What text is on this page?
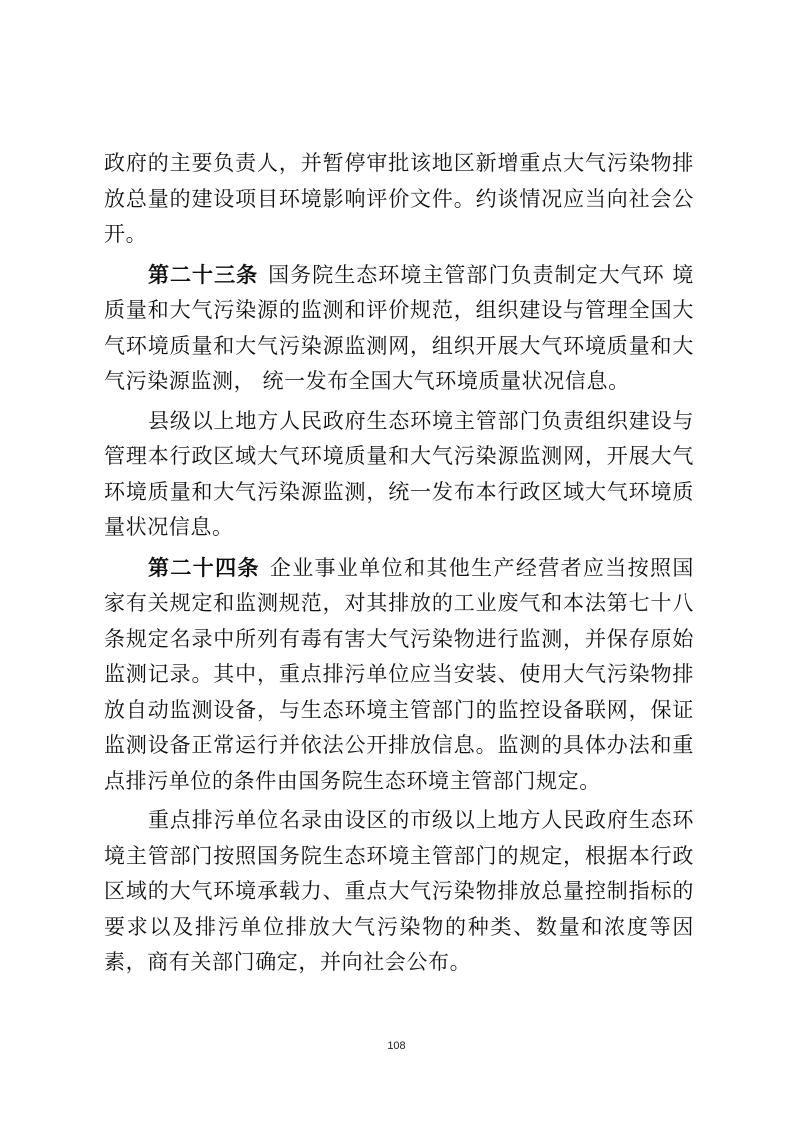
政府的主要负责人，并暂停审批该地区新增重点大气污染物排放总量的建设项目环境影响评价文件。约谈情况应当向社会公开。

第二十三条 国务院生态环境主管部门负责制定大气环 境质量和大气污染源的监测和评价规范，组织建设与管理全国大气环境质量和大气污染源监测网，组织开展大气环境质量和大气污染源监测， 统一发布全国大气环境质量状况信息。

县级以上地方人民政府生态环境主管部门负责组织建设与管理本行政区域大气环境质量和大气污染源监测网，开展大气环境质量和大气污染源监测，统一发布本行政区域大气环境质量状况信息。

第二十四条 企业事业单位和其他生产经营者应当按照国家有关规定和监测规范，对其排放的工业废气和本法第七十八条规定名录中所列有毒有害大气污染物进行监测，并保存原始监测记录。其中，重点排污单位应当安装、使用大气污染物排放自动监测设备，与生态环境主管部门的监控设备联网，保证监测设备正常运行并依法公开排放信息。监测的具体办法和重点排污单位的条件由国务院生态环境主管部门规定。

重点排污单位名录由设区的市级以上地方人民政府生态环境主管部门按照国务院生态环境主管部门的规定，根据本行政区域的大气环境承载力、重点大气污染物排放总量控制指标的要求以及排污单位排放大气污染物的种类、数量和浓度等因素，商有关部门确定，并向社会公布。

108
